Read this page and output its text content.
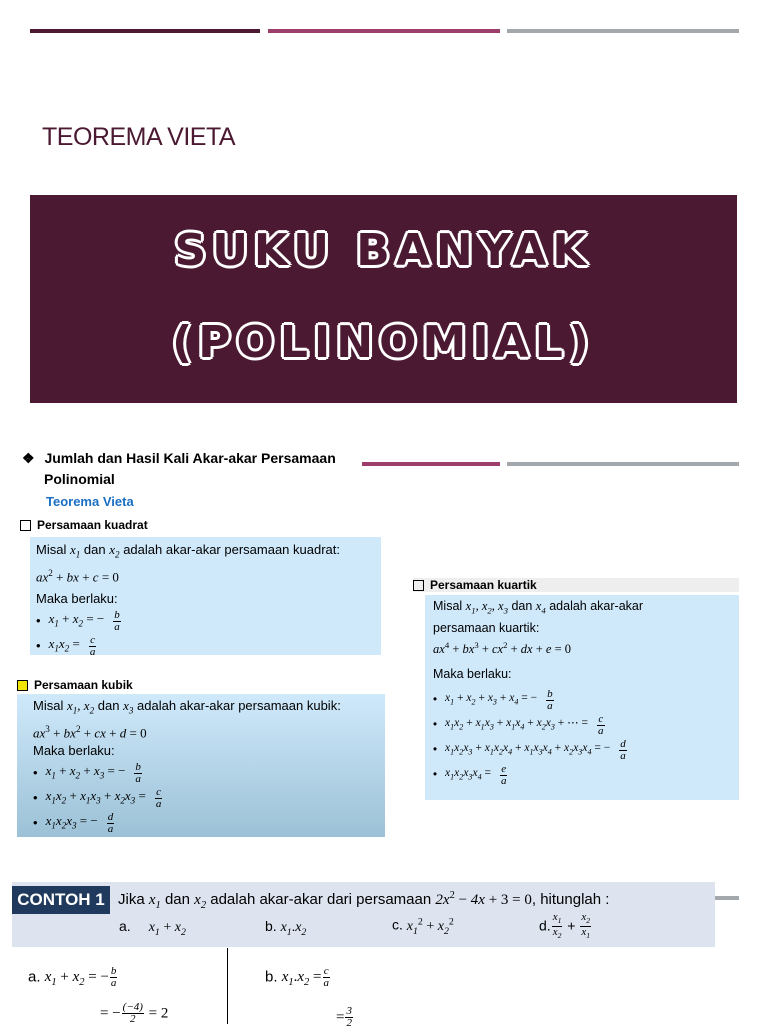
TEOREMA VIETA
SUKU BANYAK
(POLINOMIAL)
❖ Jumlah dan Hasil Kali Akar-akar Persamaan
Polinomial
Teorema Vieta
Persamaan kuadrat
Misal $x_1$ dan $x_2$ adalah akar-akar persamaan kuadrat:
$ax^2$ + bx + c = 0
Maka berlaku:
• $x_1 + x_2$ = − $\frac{b}{a}$
• $x_1x_2 = \frac{c}{a}$
Persamaan kubik
Misal $x_1$, $x_2$ dan $x_3$ adalah akar-akar persamaan kubik:
$ax^3 + bx^2$ + cx + d = 0
Maka berlaku:
• $x_1 + x_2 + x_3$ = − $\frac{b}{a}$
• $x_1x_2 + x_1x_3 + x_2x_3 = \frac{c}{a}$
• $x_1x_2x_3$ = − $\frac{d}{a}$
Persamaan kuartik
Misal $x_1$, $x_2$, $x_3$ dan $x_4$ adalah akar-akar
persamaan kuartik:
$ax^4 + bx^3 + cx^2$ + dx + e = 0
Maka berlaku:
• $x_1 + x_2 + x_3 + x_4$ = − $\frac{b}{a}$
• $x_1x_2 + x_1x_3 + x_1x_4 + x_2x_3$ + ⋯ = $\frac{c}{a}$
• $x_1x_2x_3 + x_1x_2x_4 + x_1x_3x_4 + x_2x_3x_4$ = − $\frac{d}{a}$
• $x_1x_2x_3x_4 = \frac{e}{a}$
CONTOH 1 Jika $x_1$ dan $x_2$ adalah akar-akar dari persamaan $2x^2 - 4x + 3 = 0$, hitunglah :
a. $x_1 + x_2$	b. $x_1.x_2$	c. $x_1^2 + x_2^2$	d. $\frac{x_1}{x_2} + \frac{x_2}{x_1}$
a. $x_1 + x_2$ = − $\frac{b}{a}$
= − $\frac{(-4)}{2} = 2$
b. $x_1.x_2 = \frac{c}{a}$
= $\frac{3}{2}$
